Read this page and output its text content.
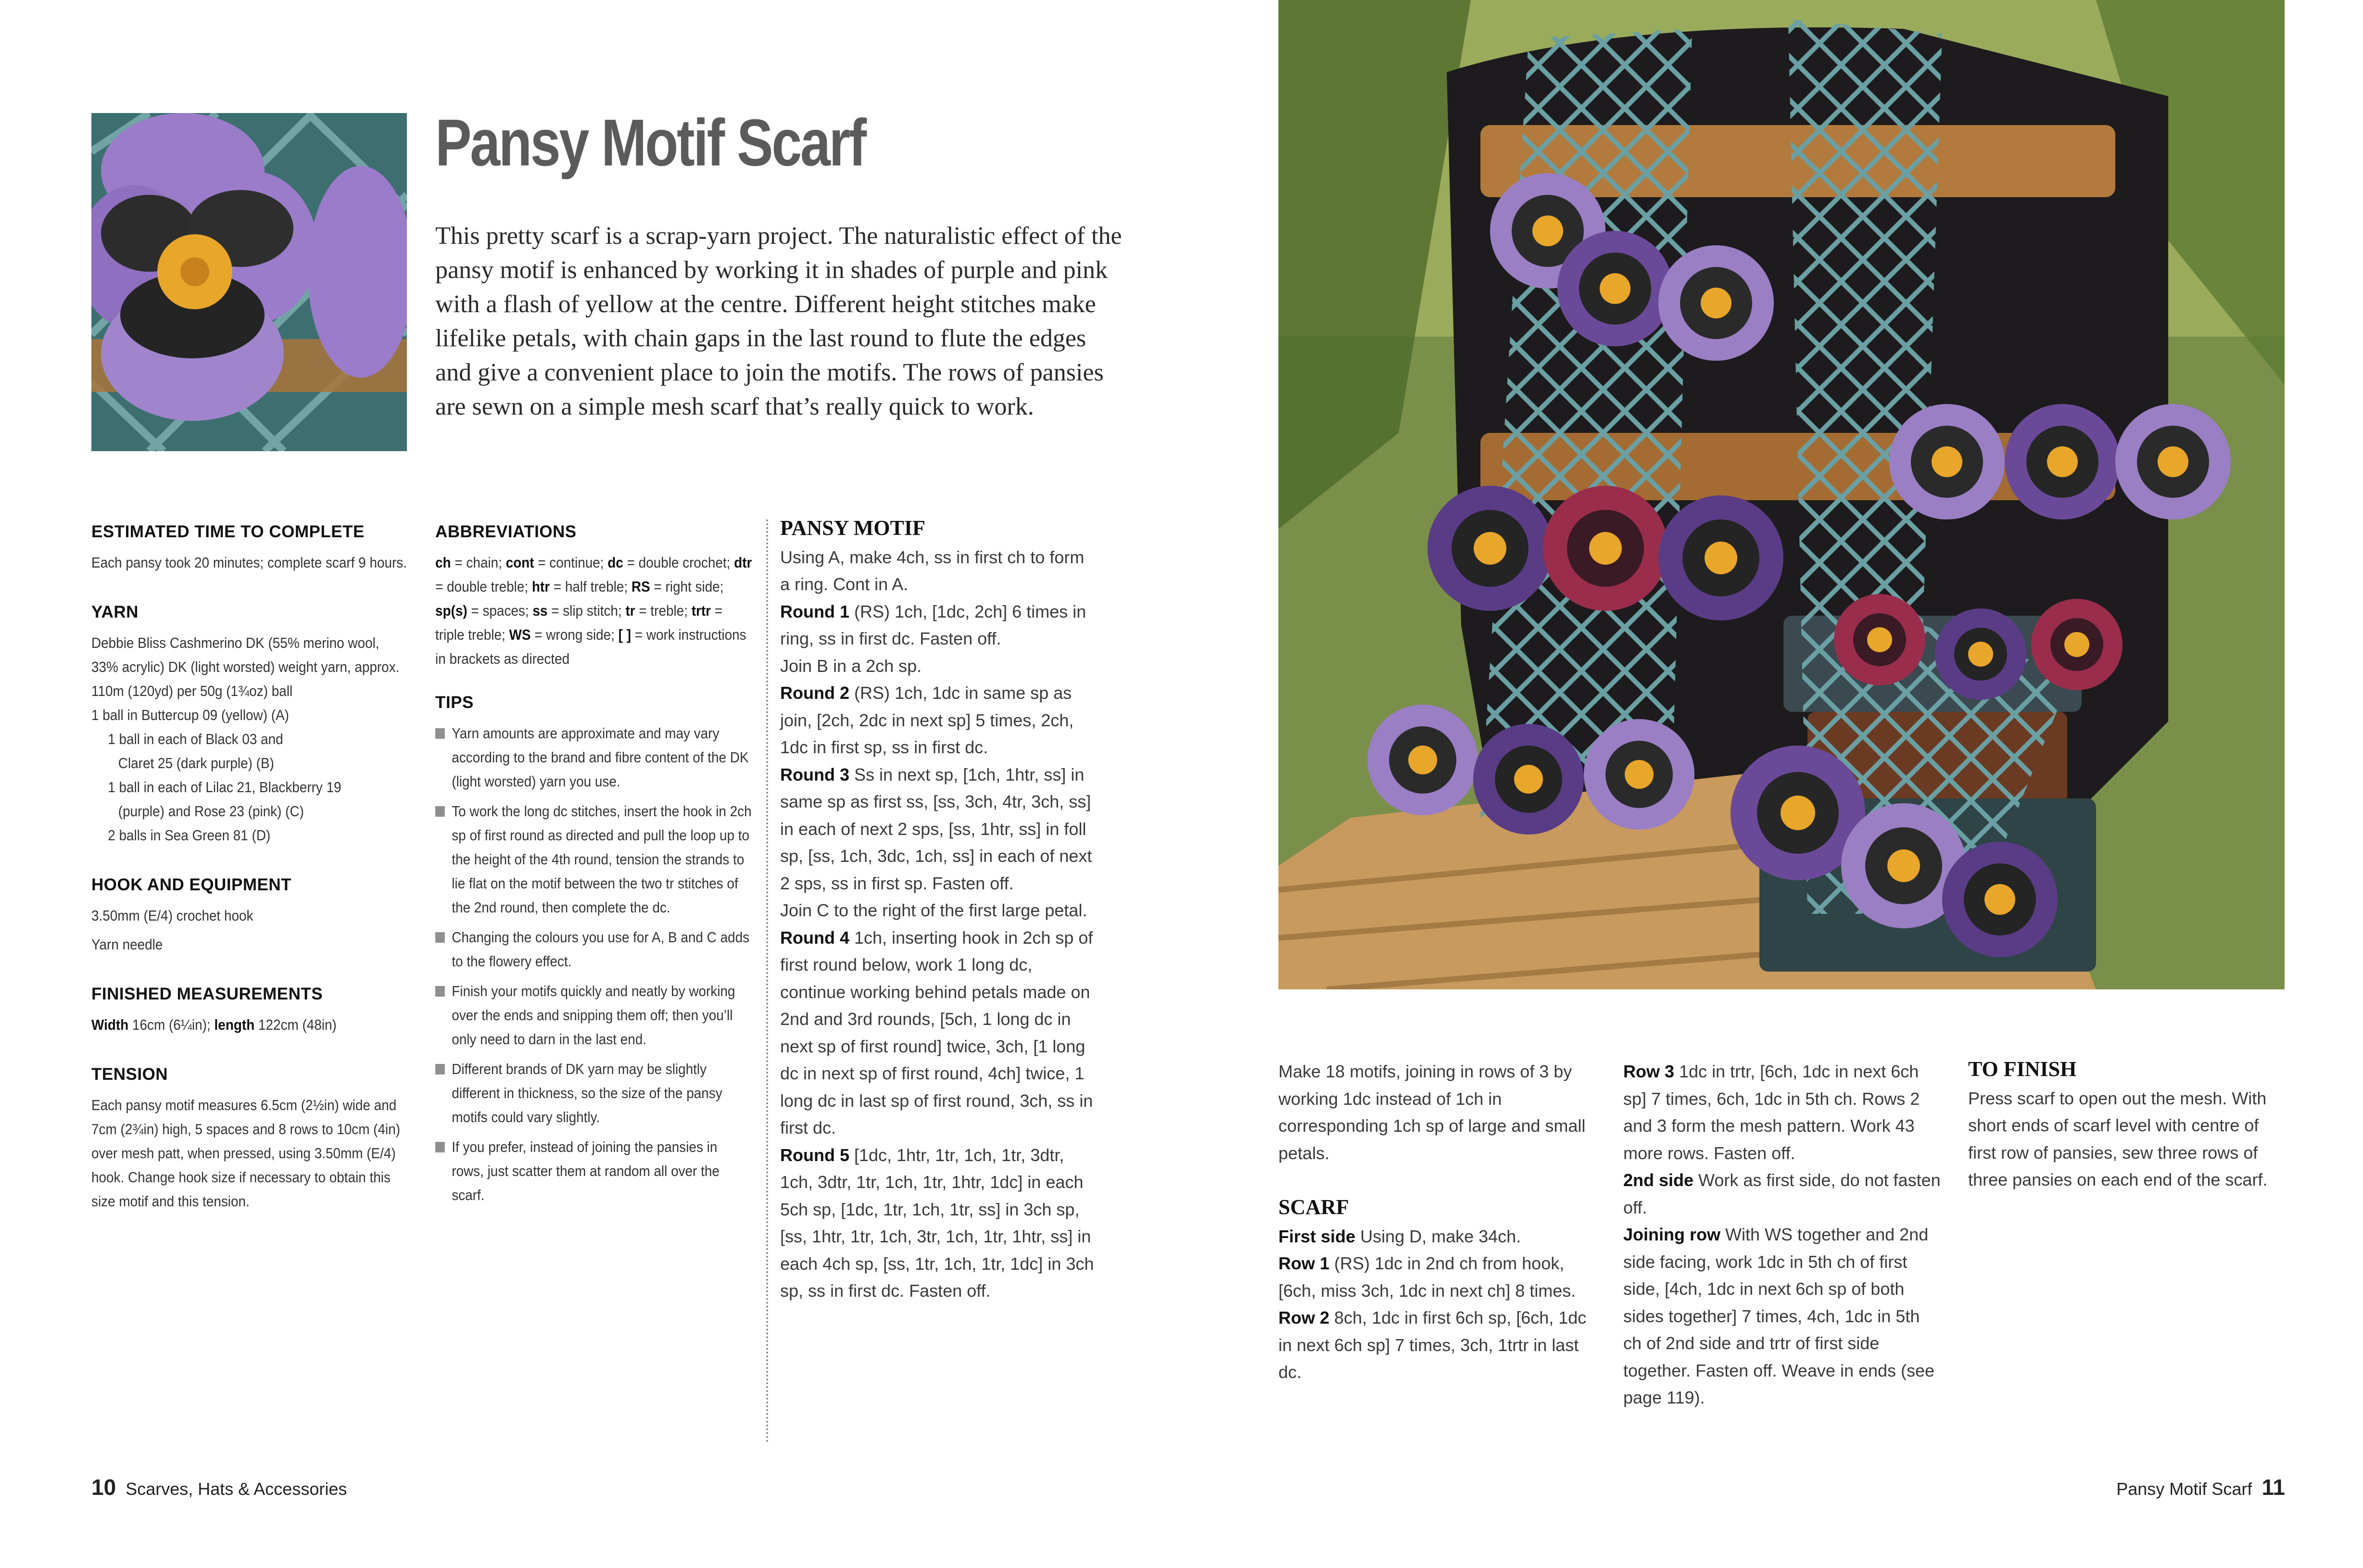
Pansy Motif Scarf
This pretty scarf is a scrap-yarn project. The naturalistic effect of the pansy motif is enhanced by working it in shades of purple and pink with a flash of yellow at the centre. Different height stitches make lifelike petals, with chain gaps in the last round to flute the edges and give a convenient place to join the motifs. The rows of pansies are sewn on a simple mesh scarf that’s really quick to work.
ESTIMATED TIME TO COMPLETE

Each pansy took 20 minutes; complete scarf 9 hours.

YARN

Debbie Bliss Cashmerino DK (55% merino wool, 33% acrylic) DK (light worsted) weight yarn, approx. 110m (120yd) per 50g (1¾oz) ball

1 ball in Buttercup 09 (yellow) (A)

1 ball in each of Black 03 and

Claret 25 (dark purple) (B)

1 ball in each of Lilac 21, Blackberry 19

(purple) and Rose 23 (pink) (C)

2 balls in Sea Green 81 (D)

HOOK AND EQUIPMENT

3.50mm (E/4) crochet hook

Yarn needle

FINISHED MEASUREMENTS

Width 16cm (6¼in); length 122cm (48in)

TENSION

Each pansy motif measures 6.5cm (2½in) wide and 7cm (2¾in) high, 5 spaces and 8 rows to 10cm (4in) over mesh patt, when pressed, using 3.50mm (E/4) hook. Change hook size if necessary to obtain this size motif and this tension.

ABBREVIATIONS

ch = chain; cont = continue; dc = double crochet; dtr = double treble; htr = half treble; RS = right side; sp(s) = spaces; ss = slip stitch; tr = treble; trtr = triple treble; WS = wrong side; [ ] = work instructions in brackets as directed

TIPS
Yarn amounts are approximate and may vary according to the brand and fibre content of the DK (light worsted) yarn you use.
To work the long dc stitches, insert the hook in 2ch sp of first round as directed and pull the loop up to the height of the 4th round, tension the strands to lie flat on the motif between the two tr stitches of the 2nd round, then complete the dc.
Changing the colours you use for A, B and C adds to the flowery effect.
Finish your motifs quickly and neatly by working over the ends and snipping them off; then you’ll only need to darn in the last end.
Different brands of DK yarn may be slightly different in thickness, so the size of the pansy motifs could vary slightly.
If you prefer, instead of joining the pansies in rows, just scatter them at random all over the scarf.
PANSY MOTIF

Using A, make 4ch, ss in first ch to form a ring. Cont in A.

Round 1 (RS) 1ch, [1dc, 2ch] 6 times in ring, ss in first dc. Fasten off.

Join B in a 2ch sp.

Round 2 (RS) 1ch, 1dc in same sp as join, [2ch, 2dc in next sp] 5 times, 2ch, 1dc in first sp, ss in first dc.

Round 3 Ss in next sp, [1ch, 1htr, ss] in same sp as first ss, [ss, 3ch, 4tr, 3ch, ss] in each of next 2 sps, [ss, 1htr, ss] in foll sp, [ss, 1ch, 3dc, 1ch, ss] in each of next 2 sps, ss in first sp. Fasten off.

Join C to the right of the first large petal.

Round 4 1ch, inserting hook in 2ch sp of first round below, work 1 long dc, continue working behind petals made on 2nd and 3rd rounds, [5ch, 1 long dc in next sp of first round] twice, 3ch, [1 long dc in next sp of first round, 4ch] twice, 1 long dc in last sp of first round, 3ch, ss in first dc.

Round 5 [1dc, 1htr, 1tr, 1ch, 1tr, 3dtr, 1ch, 3dtr, 1tr, 1ch, 1tr, 1htr, 1dc] in each 5ch sp, [1dc, 1tr, 1ch, 1tr, ss] in 3ch sp, [ss, 1htr, 1tr, 1ch, 3tr, 1ch, 1tr, 1htr, ss] in each 4ch sp, [ss, 1tr, 1ch, 1tr, 1dc] in 3ch sp, ss in first dc. Fasten off.

Make 18 motifs, joining in rows of 3 by working 1dc instead of 1ch in corresponding 1ch sp of large and small petals.

SCARF

First side Using D, make 34ch.

Row 1 (RS) 1dc in 2nd ch from hook, [6ch, miss 3ch, 1dc in next ch] 8 times.

Row 2 8ch, 1dc in first 6ch sp, [6ch, 1dc in next 6ch sp] 7 times, 3ch, 1trtr in last dc.

Row 3 1dc in trtr, [6ch, 1dc in next 6ch sp] 7 times, 6ch, 1dc in 5th ch. Rows 2 and 3 form the mesh pattern. Work 43 more rows. Fasten off.

2nd side Work as first side, do not fasten off.

Joining row With WS together and 2nd side facing, work 1dc in 5th ch of first side, [4ch, 1dc in next 6ch sp of both sides together] 7 times, 4ch, 1dc in 5th ch of 2nd side and trtr of first side together. Fasten off. Weave in ends (see page 119).

TO FINISH

Press scarf to open out the mesh. With short ends of scarf level with centre of first row of pansies, sew three rows of three pansies on each end of the scarf.

10 Scarves, Hats & Accessories	Pansy Motif Scarf 11
